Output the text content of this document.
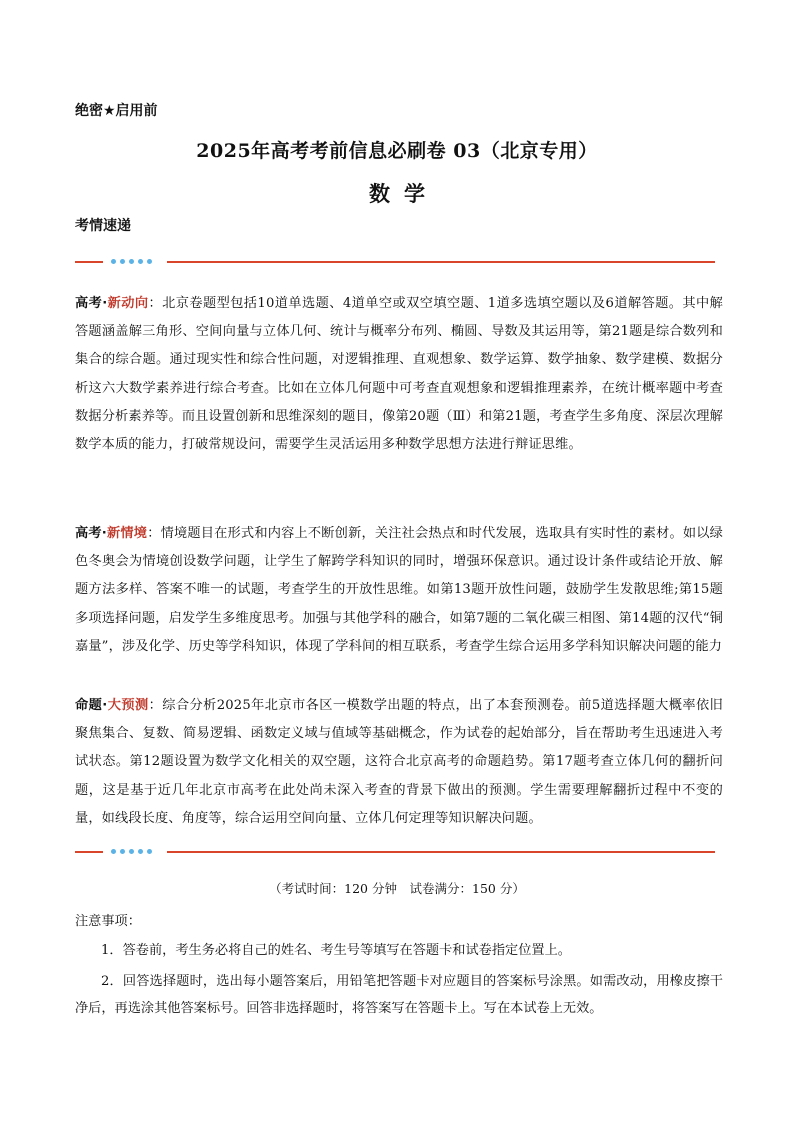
绝密★启用前
2025年高考考前信息必刷卷 03（北京专用）
数学
考情速递

高考·新动向：北京卷题型包括10道单选题、4道单空或双空填空题、1道多选填空题以及6道解答题。其中解答题涵盖解三角形、空间向量与立体几何、统计与概率分布列、椭圆、导数及其运用等，第21题是综合数列和集合的综合题。通过现实性和综合性问题，对逻辑推理、直观想象、数学运算、数学抽象、数学建模、数据分析这六大数学素养进行综合考查。比如在立体几何题中可考查直观想象和逻辑推理素养，在统计概率题中考查数据分析素养等。而且设置创新和思维深刻的题目，像第20题（Ⅲ）和第21题，考查学生多角度、深层次理解数学本质的能力，打破常规设问，需要学生灵活运用多种数学思想方法进行辩证思维。

高考·新情境：情境题目在形式和内容上不断创新，关注社会热点和时代发展，选取具有实时性的素材。如以绿色冬奥会为情境创设数学问题，让学生了解跨学科知识的同时，增强环保意识。通过设计条件或结论开放、解题方法多样、答案不唯一的试题，考查学生的开放性思维。如第13题开放性问题，鼓励学生发散思维;第15题多项选择问题，启发学生多维度思考。加强与其他学科的融合，如第7题的二氧化碳三相图、第14题的汉代“铜嘉量”，涉及化学、历史等学科知识，体现了学科间的相互联系，考查学生综合运用多学科知识解决问题的能力

命题·大预测：综合分析2025年北京市各区一模数学出题的特点，出了本套预测卷。前5道选择题大概率依旧聚焦集合、复数、简易逻辑、函数定义域与值域等基础概念，作为试卷的起始部分，旨在帮助考生迅速进入考试状态。第12题设置为数学文化相关的双空题，这符合北京高考的命题趋势。第17题考查立体几何的翻折问题，这是基于近几年北京市高考在此处尚未深入考查的背景下做出的预测。学生需要理解翻折过程中不变的量，如线段长度、角度等，综合运用空间向量、立体几何定理等知识解决问题。

（考试时间：120 分钟　试卷满分：150 分）
注意事项：

1．答卷前，考生务必将自己的姓名、考生号等填写在答题卡和试卷指定位置上。

2．回答选择题时，选出每小题答案后，用铅笔把答题卡对应题目的答案标号涂黑。如需改动，用橡皮擦干净后，再选涂其他答案标号。回答非选择题时，将答案写在答题卡上。写在本试卷上无效。
